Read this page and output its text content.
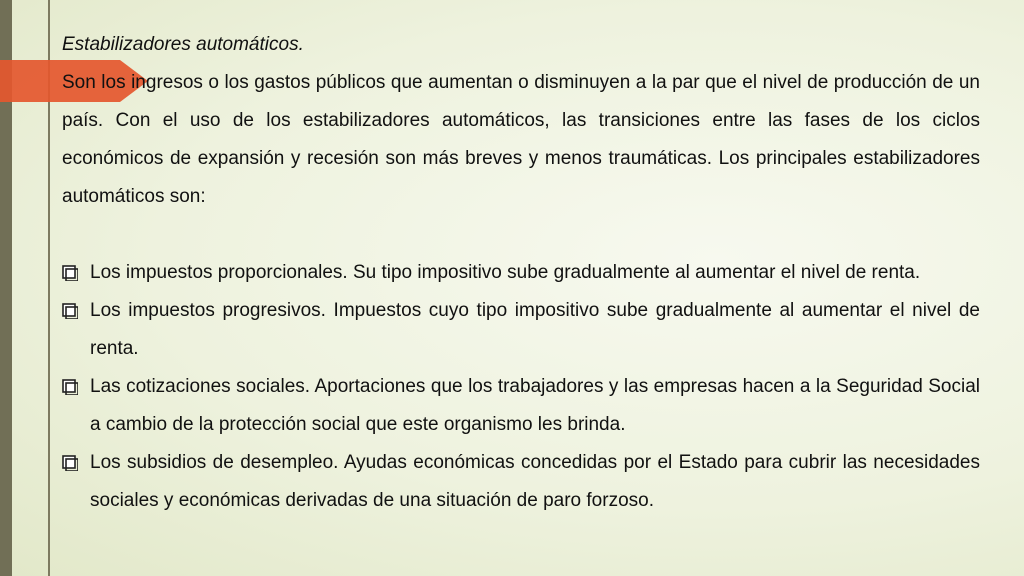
Estabilizadores automáticos.

Son los ingresos o los gastos públicos que aumentan o disminuyen a la par que el nivel de producción de un país. Con el uso de los estabilizadores automáticos, las transiciones entre las fases de los ciclos económicos de expansión y recesión son más breves y menos traumáticas. Los principales estabilizadores automáticos son:

Los impuestos proporcionales. Su tipo impositivo sube gradualmente al aumentar el nivel de renta.
Los impuestos progresivos. Impuestos cuyo tipo impositivo sube gradualmente al aumentar el nivel de renta.
Las cotizaciones sociales. Aportaciones que los trabajadores y las empresas hacen a la Seguridad Social a cambio de la protección social que este organismo les brinda.
Los subsidios de desempleo. Ayudas económicas concedidas por el Estado para cubrir las necesidades sociales y económicas derivadas de una situación de paro forzoso.
